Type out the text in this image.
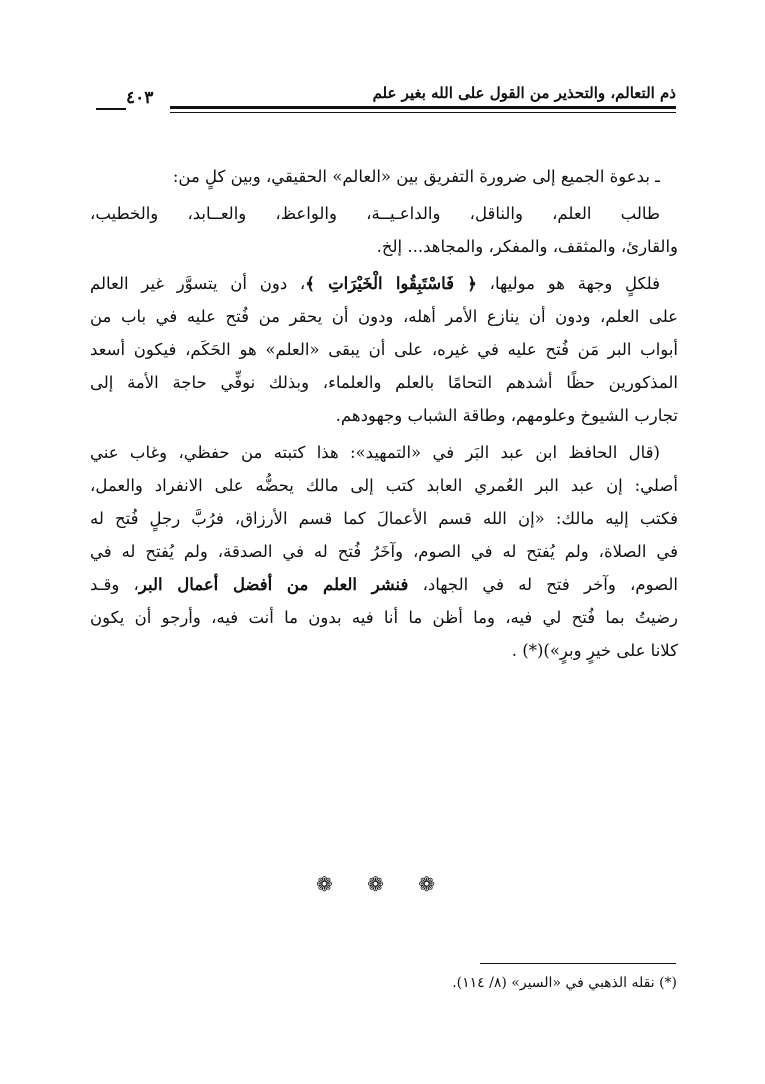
ذم التعالم، والتحذير من القول على الله بغير علم
٤٠٣

ـ بدعوة الجميع إلى ضرورة التفريق بين «العالم» الحقيقي، وبين كلٍ من:

طالب العلم، والناقل، والداعـيــة، والواعظ، والعــابد، والخطيب،
والقارئ، والمثقف، والمفكر، والمجاهد... إلخ.

فلكلٍ وجهة هو موليها، ﴿ فَاسْتَبِقُوا الْخَيْرَاتِ ﴾، دون أن يتسوَّر غير العالم
على العلم، ودون أن ينازع الأمر أهله، ودون أن يحقر من فُتح عليه في باب من
أبواب البر مَن فُتح عليه في غيره، على أن يبقى «العلم» هو الحَكَم، فيكون أسعد
المذكورين حظًا أشدهم التحامًا بالعلم والعلماء، وبذلك نوفِّي حاجة الأمة إلى
تجارب الشيوخ وعلومهم، وطاقة الشباب وجهودهم.

(قال الحافظ ابن عبد البَر في «التمهيد»: هذا كتبته من حفظي، وغاب عني
أصلي: إن عبد البر العُمري العابد كتب إلى مالك يحضُّه على الانفراد والعمل،
فكتب إليه مالك: «إن الله قسم الأعمالَ كما قسم الأرزاق، فرُبَّ رجلٍ فُتح له
في الصلاة، ولم يُفتح له في الصوم، وآخَرُ فُتح له في الصدقة، ولم يُفتح له في
الصوم، وآخر فتح له في الجهاد، فنشر العلم من أفضل أعمال البر، وقـد
رضيتُ بما فُتح لي فيه، وما أظن ما أنا فيه بدون ما أنت فيه، وأرجو أن يكون
كلانا على خيرٍ وبرٍ»)(*) .

❁ ❁ ❁
(*) نقله الذهبي في «السير» (٨/ ١١٤).
